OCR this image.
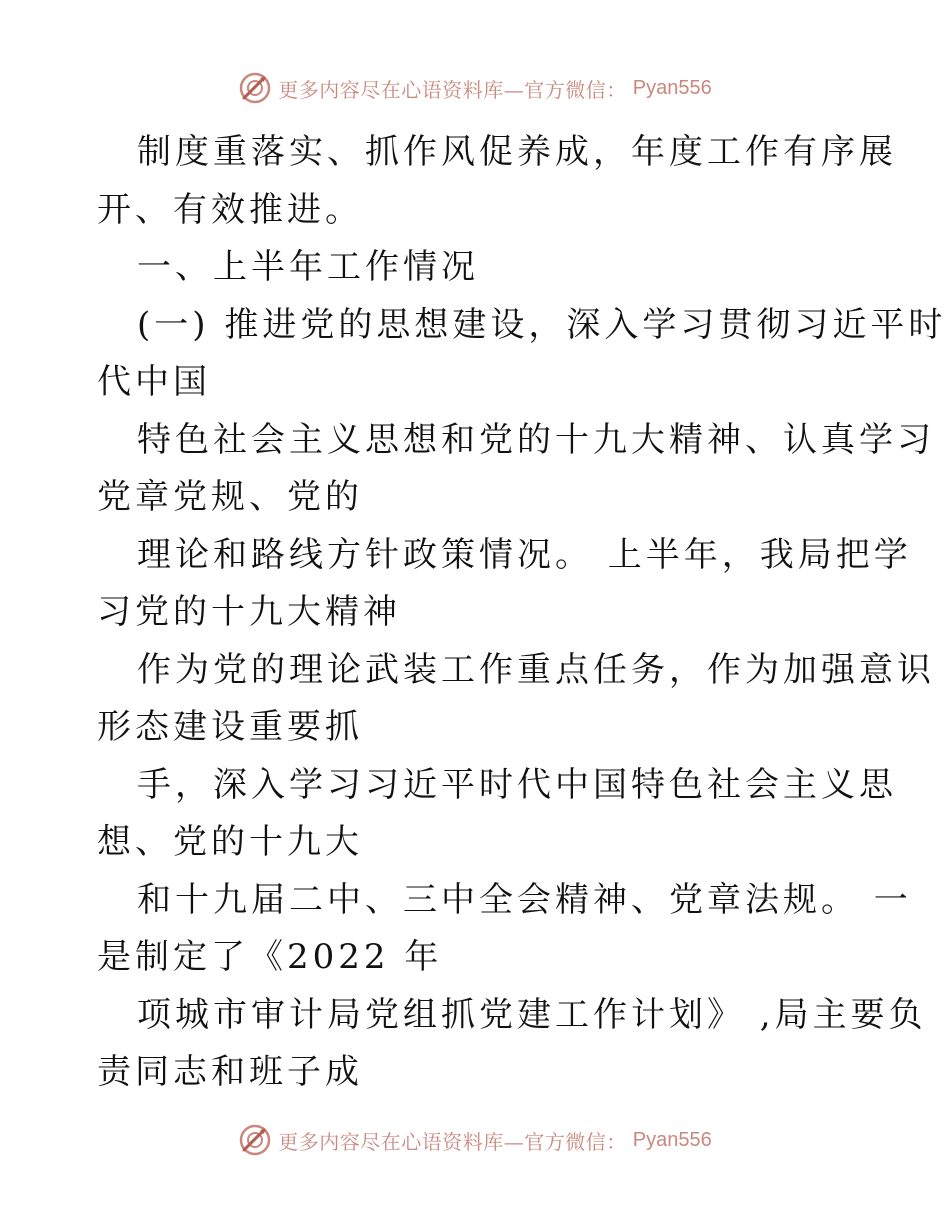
更多内容尽在心语资料库—官方微信： Pyan556
制度重落实、抓作风促养成，年度工作有序展
开、有效推进。
一、上半年工作情况
(一) 推进党的思想建设，深入学习贯彻习近平时
代中国
特色社会主义思想和党的十九大精神、认真学习
党章党规、党的
理论和路线方针政策情况。 上半年，我局把学
习党的十九大精神
作为党的理论武装工作重点任务，作为加强意识
形态建设重要抓
手，深入学习习近平时代中国特色社会主义思
想、党的十九大
和十九届二中、三中全会精神、党章法规。 一
是制定了《2022 年
项城市审计局党组抓党建工作计划》 ,局主要负
责同志和班子成
更多内容尽在心语资料库—官方微信： Pyan556
